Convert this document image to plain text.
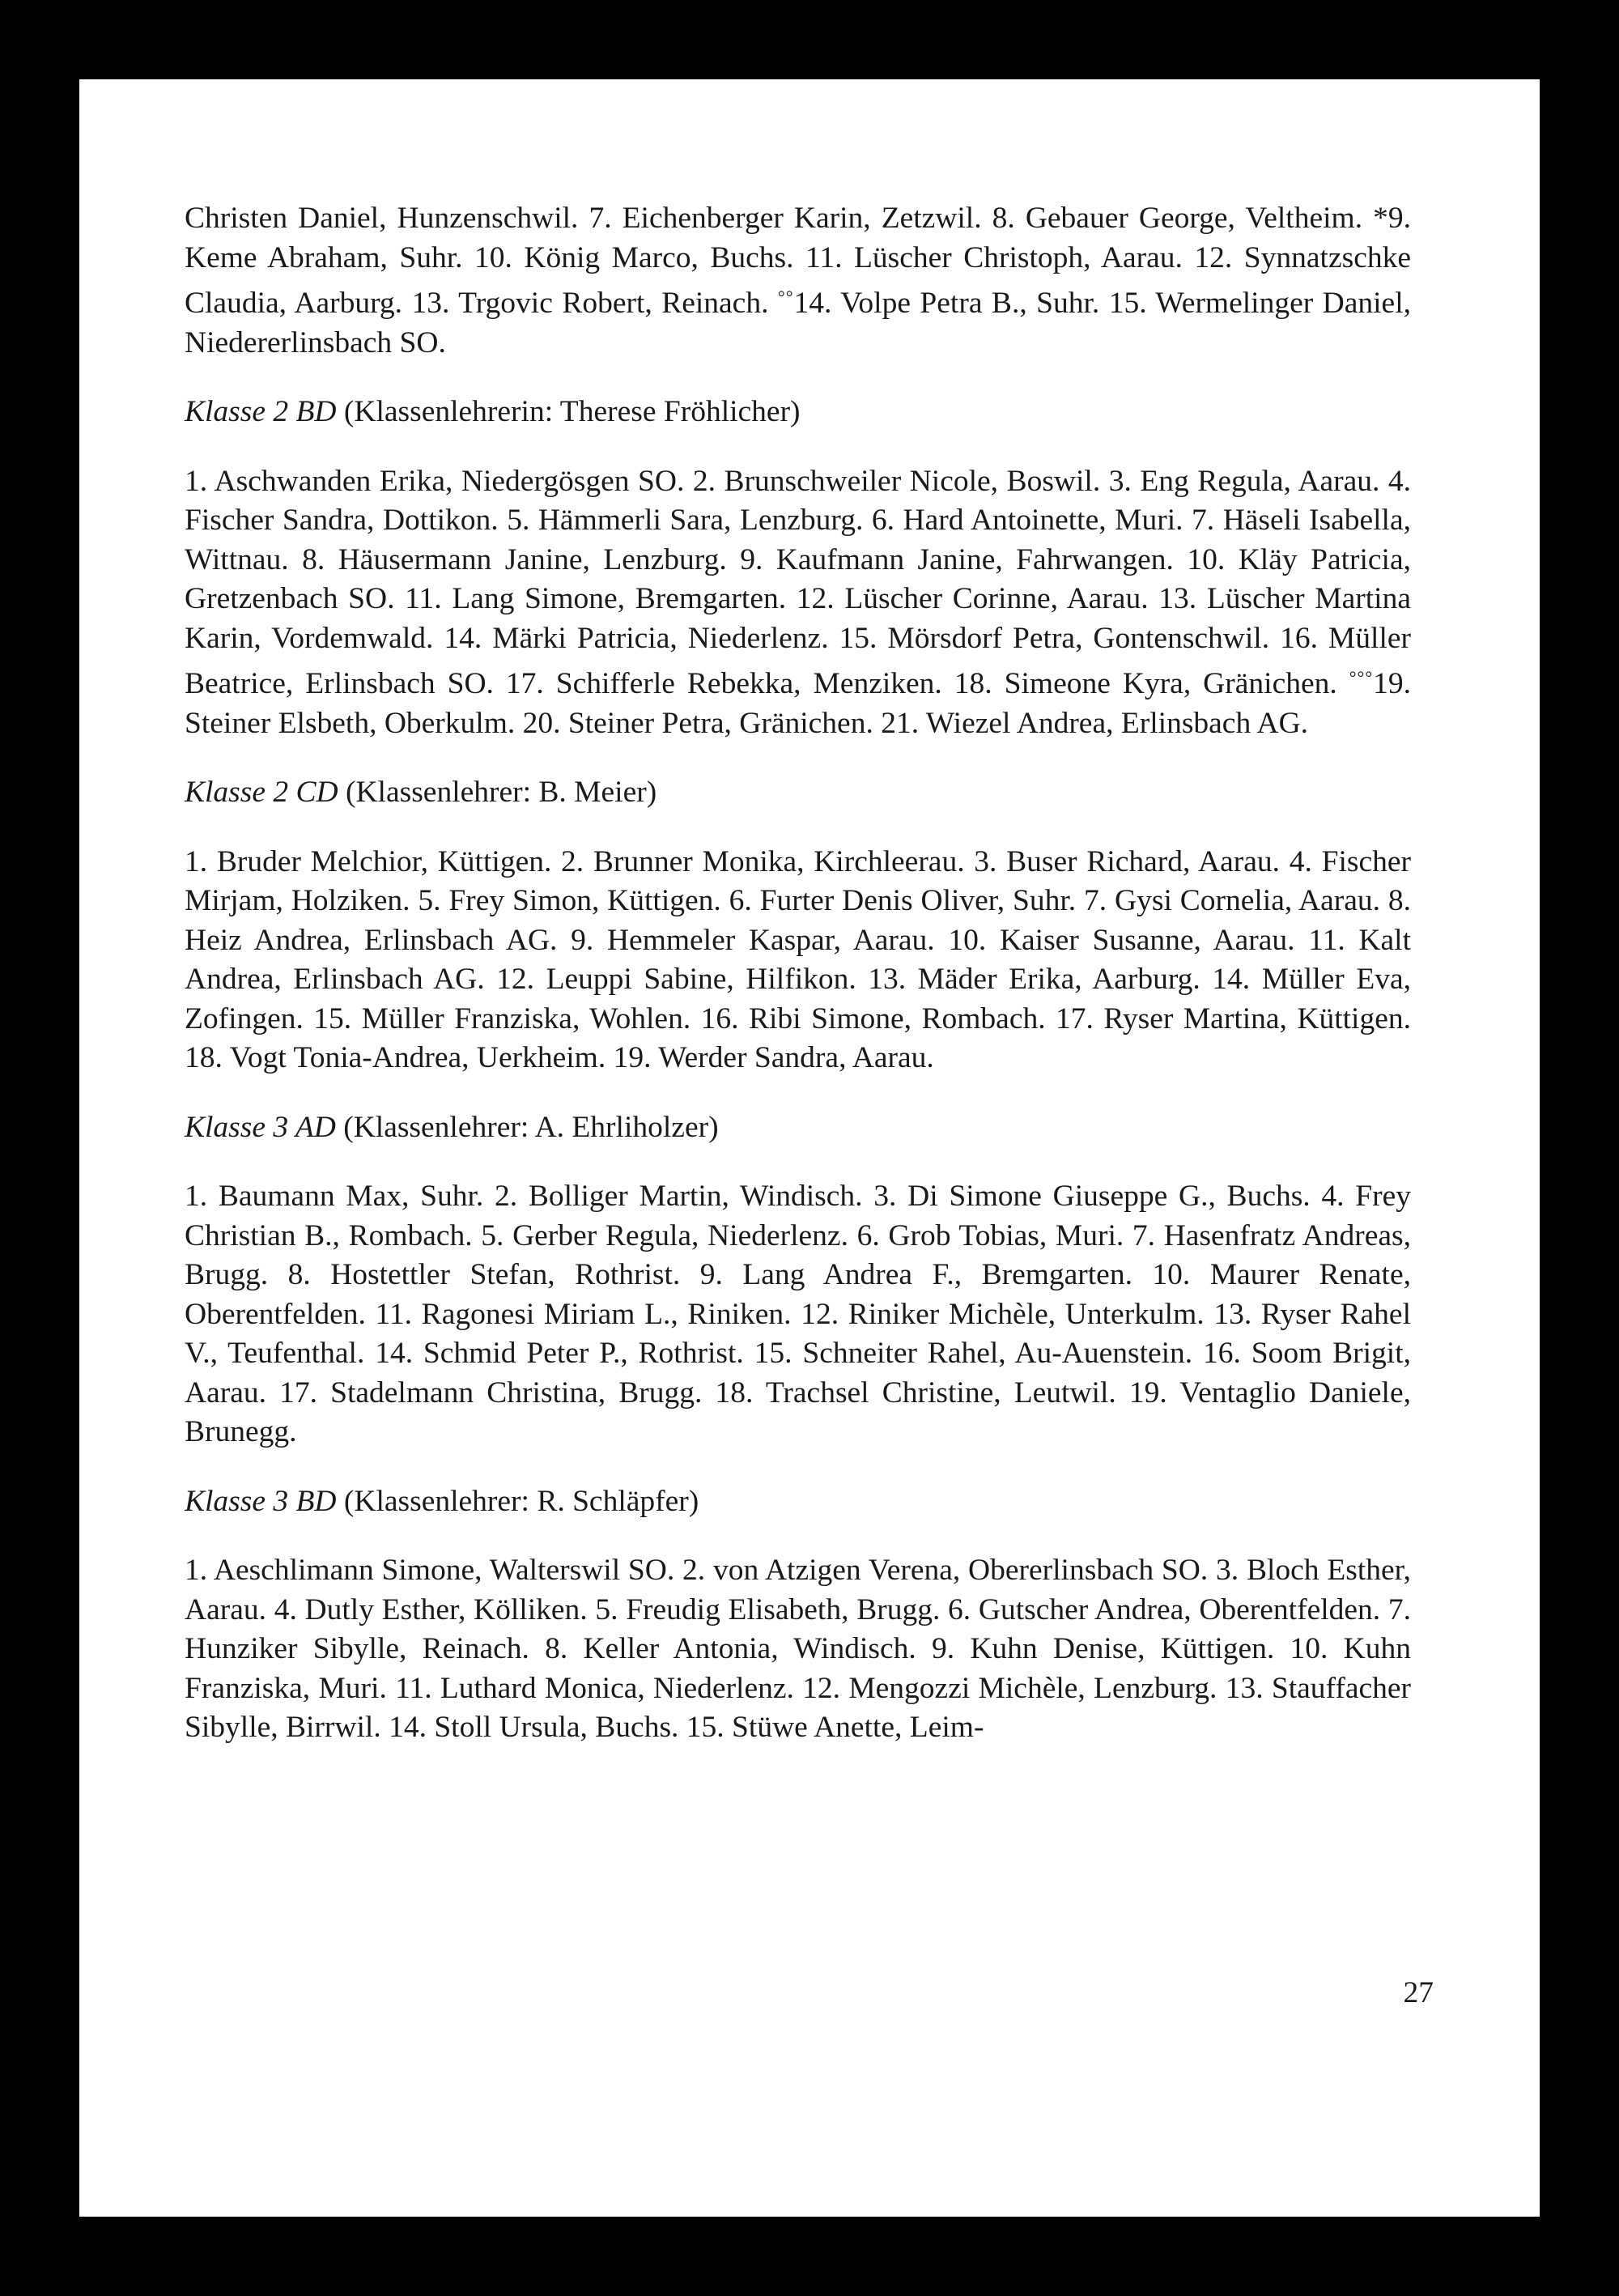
Christen Daniel, Hunzenschwil. 7. Eichenberger Karin, Zetzwil. 8. Gebauer George, Veltheim. *9. Keme Abraham, Suhr. 10. König Marco, Buchs. 11. Lüscher Christoph, Aarau. 12. Synnatzschke Claudia, Aarburg. 13. Trgovic Robert, Reinach. °°14. Volpe Petra B., Suhr. 15. Wermelinger Daniel, Niedererlinsbach SO.

Klasse 2 BD (Klassenlehrerin: Therese Fröhlicher)

1. Aschwanden Erika, Niedergösgen SO. 2. Brunschweiler Nicole, Boswil. 3. Eng Regula, Aarau. 4. Fischer Sandra, Dottikon. 5. Hämmerli Sara, Lenzburg. 6. Hard Antoinette, Muri. 7. Häseli Isabella, Wittnau. 8. Häusermann Janine, Lenzburg. 9. Kaufmann Janine, Fahrwangen. 10. Kläy Patricia, Gretzenbach SO. 11. Lang Simone, Bremgarten. 12. Lüscher Corinne, Aarau. 13. Lüscher Martina Karin, Vordemwald. 14. Märki Patricia, Niederlenz. 15. Mörsdorf Petra, Gontenschwil. 16. Müller Beatrice, Erlinsbach SO. 17. Schifferle Rebekka, Menziken. 18. Simeone Kyra, Gränichen. °°°19. Steiner Elsbeth, Oberkulm. 20. Steiner Petra, Gränichen. 21. Wiezel Andrea, Erlinsbach AG.

Klasse 2 CD (Klassenlehrer: B. Meier)

1. Bruder Melchior, Küttigen. 2. Brunner Monika, Kirchleerau. 3. Buser Richard, Aarau. 4. Fischer Mirjam, Holziken. 5. Frey Simon, Küttigen. 6. Furter Denis Oliver, Suhr. 7. Gysi Cornelia, Aarau. 8. Heiz Andrea, Erlinsbach AG. 9. Hemmeler Kaspar, Aarau. 10. Kaiser Susanne, Aarau. 11. Kalt Andrea, Erlinsbach AG. 12. Leuppi Sabine, Hilfikon. 13. Mäder Erika, Aarburg. 14. Müller Eva, Zofingen. 15. Müller Franziska, Wohlen. 16. Ribi Simone, Rombach. 17. Ryser Martina, Küttigen. 18. Vogt Tonia-Andrea, Uerkheim. 19. Werder Sandra, Aarau.

Klasse 3 AD (Klassenlehrer: A. Ehrliholzer)

1. Baumann Max, Suhr. 2. Bolliger Martin, Windisch. 3. Di Simone Giuseppe G., Buchs. 4. Frey Christian B., Rombach. 5. Gerber Regula, Niederlenz. 6. Grob Tobias, Muri. 7. Hasenfratz Andreas, Brugg. 8. Hostettler Stefan, Rothrist. 9. Lang Andrea F., Bremgarten. 10. Maurer Renate, Oberentfelden. 11. Ragonesi Miriam L., Riniken. 12. Riniker Michèle, Unterkulm. 13. Ryser Rahel V., Teufenthal. 14. Schmid Peter P., Rothrist. 15. Schneiter Rahel, Au-Auenstein. 16. Soom Brigit, Aarau. 17. Stadelmann Christina, Brugg. 18. Trachsel Christine, Leutwil. 19. Ventaglio Daniele, Brunegg.

Klasse 3 BD (Klassenlehrer: R. Schläpfer)

1. Aeschlimann Simone, Walterswil SO. 2. von Atzigen Verena, Obererlinsbach SO. 3. Bloch Esther, Aarau. 4. Dutly Esther, Kölliken. 5. Freudig Elisabeth, Brugg. 6. Gutscher Andrea, Oberentfelden. 7. Hunziker Sibylle, Reinach. 8. Keller Antonia, Windisch. 9. Kuhn Denise, Küttigen. 10. Kuhn Franziska, Muri. 11. Luthard Monica, Niederlenz. 12. Mengozzi Michèle, Lenzburg. 13. Stauffacher Sibylle, Birrwil. 14. Stoll Ursula, Buchs. 15. Stüwe Anette, Leim-

27
